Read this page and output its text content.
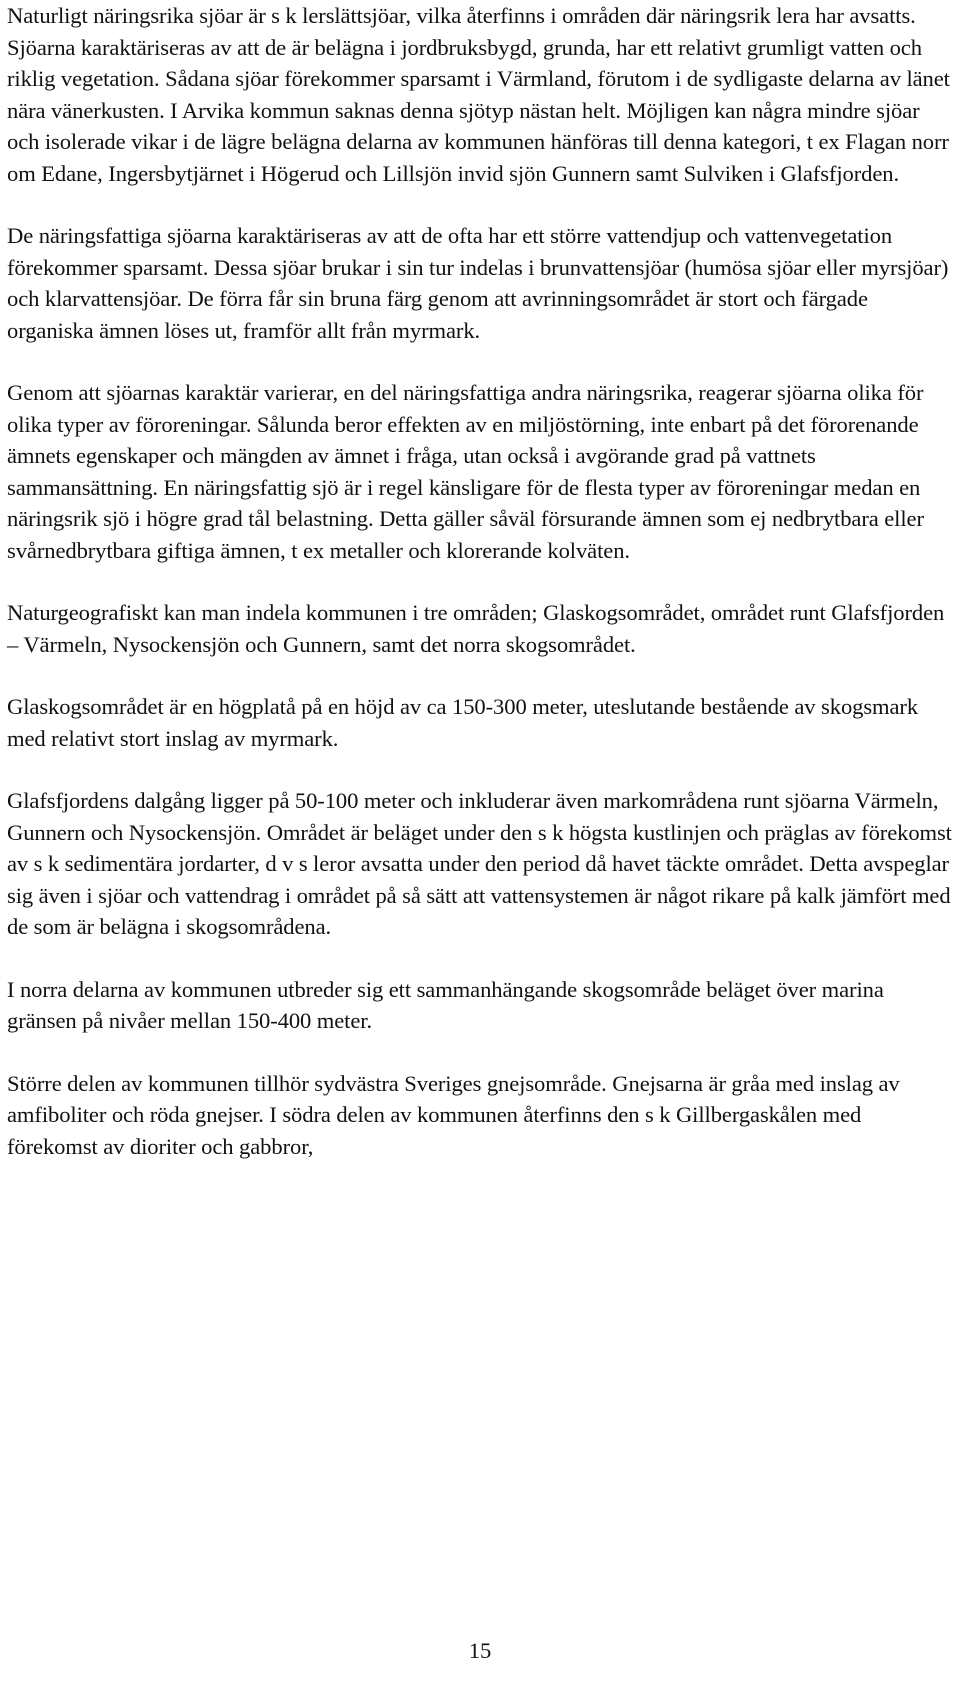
Naturligt näringsrika sjöar är s k lerslättsjöar, vilka återfinns i områden där näringsrik lera har avsatts. Sjöarna karaktäriseras av att de är belägna i jordbruksbygd, grunda, har ett relativt grumligt vatten och riklig vegetation. Sådana sjöar förekommer sparsamt i Värmland, förutom i de sydligaste delarna av länet nära vänerkusten. I Arvika kommun saknas denna sjötyp nästan helt. Möjligen kan några mindre sjöar och isolerade vikar i de lägre belägna delarna av kommunen hänföras till denna kategori, t ex Flagan norr om Edane, Ingersbytjärnet i Högerud och Lillsjön invid sjön Gunnern samt Sulviken i Glafsfjorden.

De näringsfattiga sjöarna karaktäriseras av att de ofta har ett större vattendjup och vattenvegetation förekommer sparsamt. Dessa sjöar brukar i sin tur indelas i brunvattensjöar (humösa sjöar eller myrsjöar) och klarvattensjöar. De förra får sin bruna färg genom att avrinningsområdet är stort och färgade organiska ämnen löses ut, framför allt från myrmark.

Genom att sjöarnas karaktär varierar, en del näringsfattiga andra näringsrika, reagerar sjöarna olika för olika typer av föroreningar. Sålunda beror effekten av en miljöstörning, inte enbart på det förorenande ämnets egenskaper och mängden av ämnet i fråga, utan också i avgörande grad på vattnets sammansättning. En näringsfattig sjö är i regel känsligare för de flesta typer av föroreningar medan en näringsrik sjö i högre grad tål belastning. Detta gäller såväl försurande ämnen som ej nedbrytbara eller svårnedbrytbara giftiga ämnen, t ex metaller och klorerande kolväten.

Naturgeografiskt kan man indela kommunen i tre områden; Glaskogsområdet, området runt Glafsfjorden – Värmeln, Nysockensjön och Gunnern, samt det norra skogsområdet.

Glaskogsområdet är en högplatå på en höjd av ca 150-300 meter, uteslutande bestående av skogsmark med relativt stort inslag av myrmark.

Glafsfjordens dalgång ligger på 50-100 meter och inkluderar även markområdena runt sjöarna Värmeln, Gunnern och Nysockensjön. Området är beläget under den s k högsta kustlinjen och präglas av förekomst av s k sedimentära jordarter, d v s leror avsatta under den period då havet täckte området. Detta avspeglar sig även i sjöar och vattendrag i området på så sätt att vattensystemen är något rikare på kalk jämfört med de som är belägna i skogsområdena.

I norra delarna av kommunen utbreder sig ett sammanhängande skogsområde beläget över marina gränsen på nivåer mellan 150-400 meter.

Större delen av kommunen tillhör sydvästra Sveriges gnejsområde. Gnejsarna är gråa med inslag av amfiboliter och röda gnejser. I södra delen av kommunen återfinns den s k Gillbergaskålen med förekomst av dioriter och gabbror,

15
